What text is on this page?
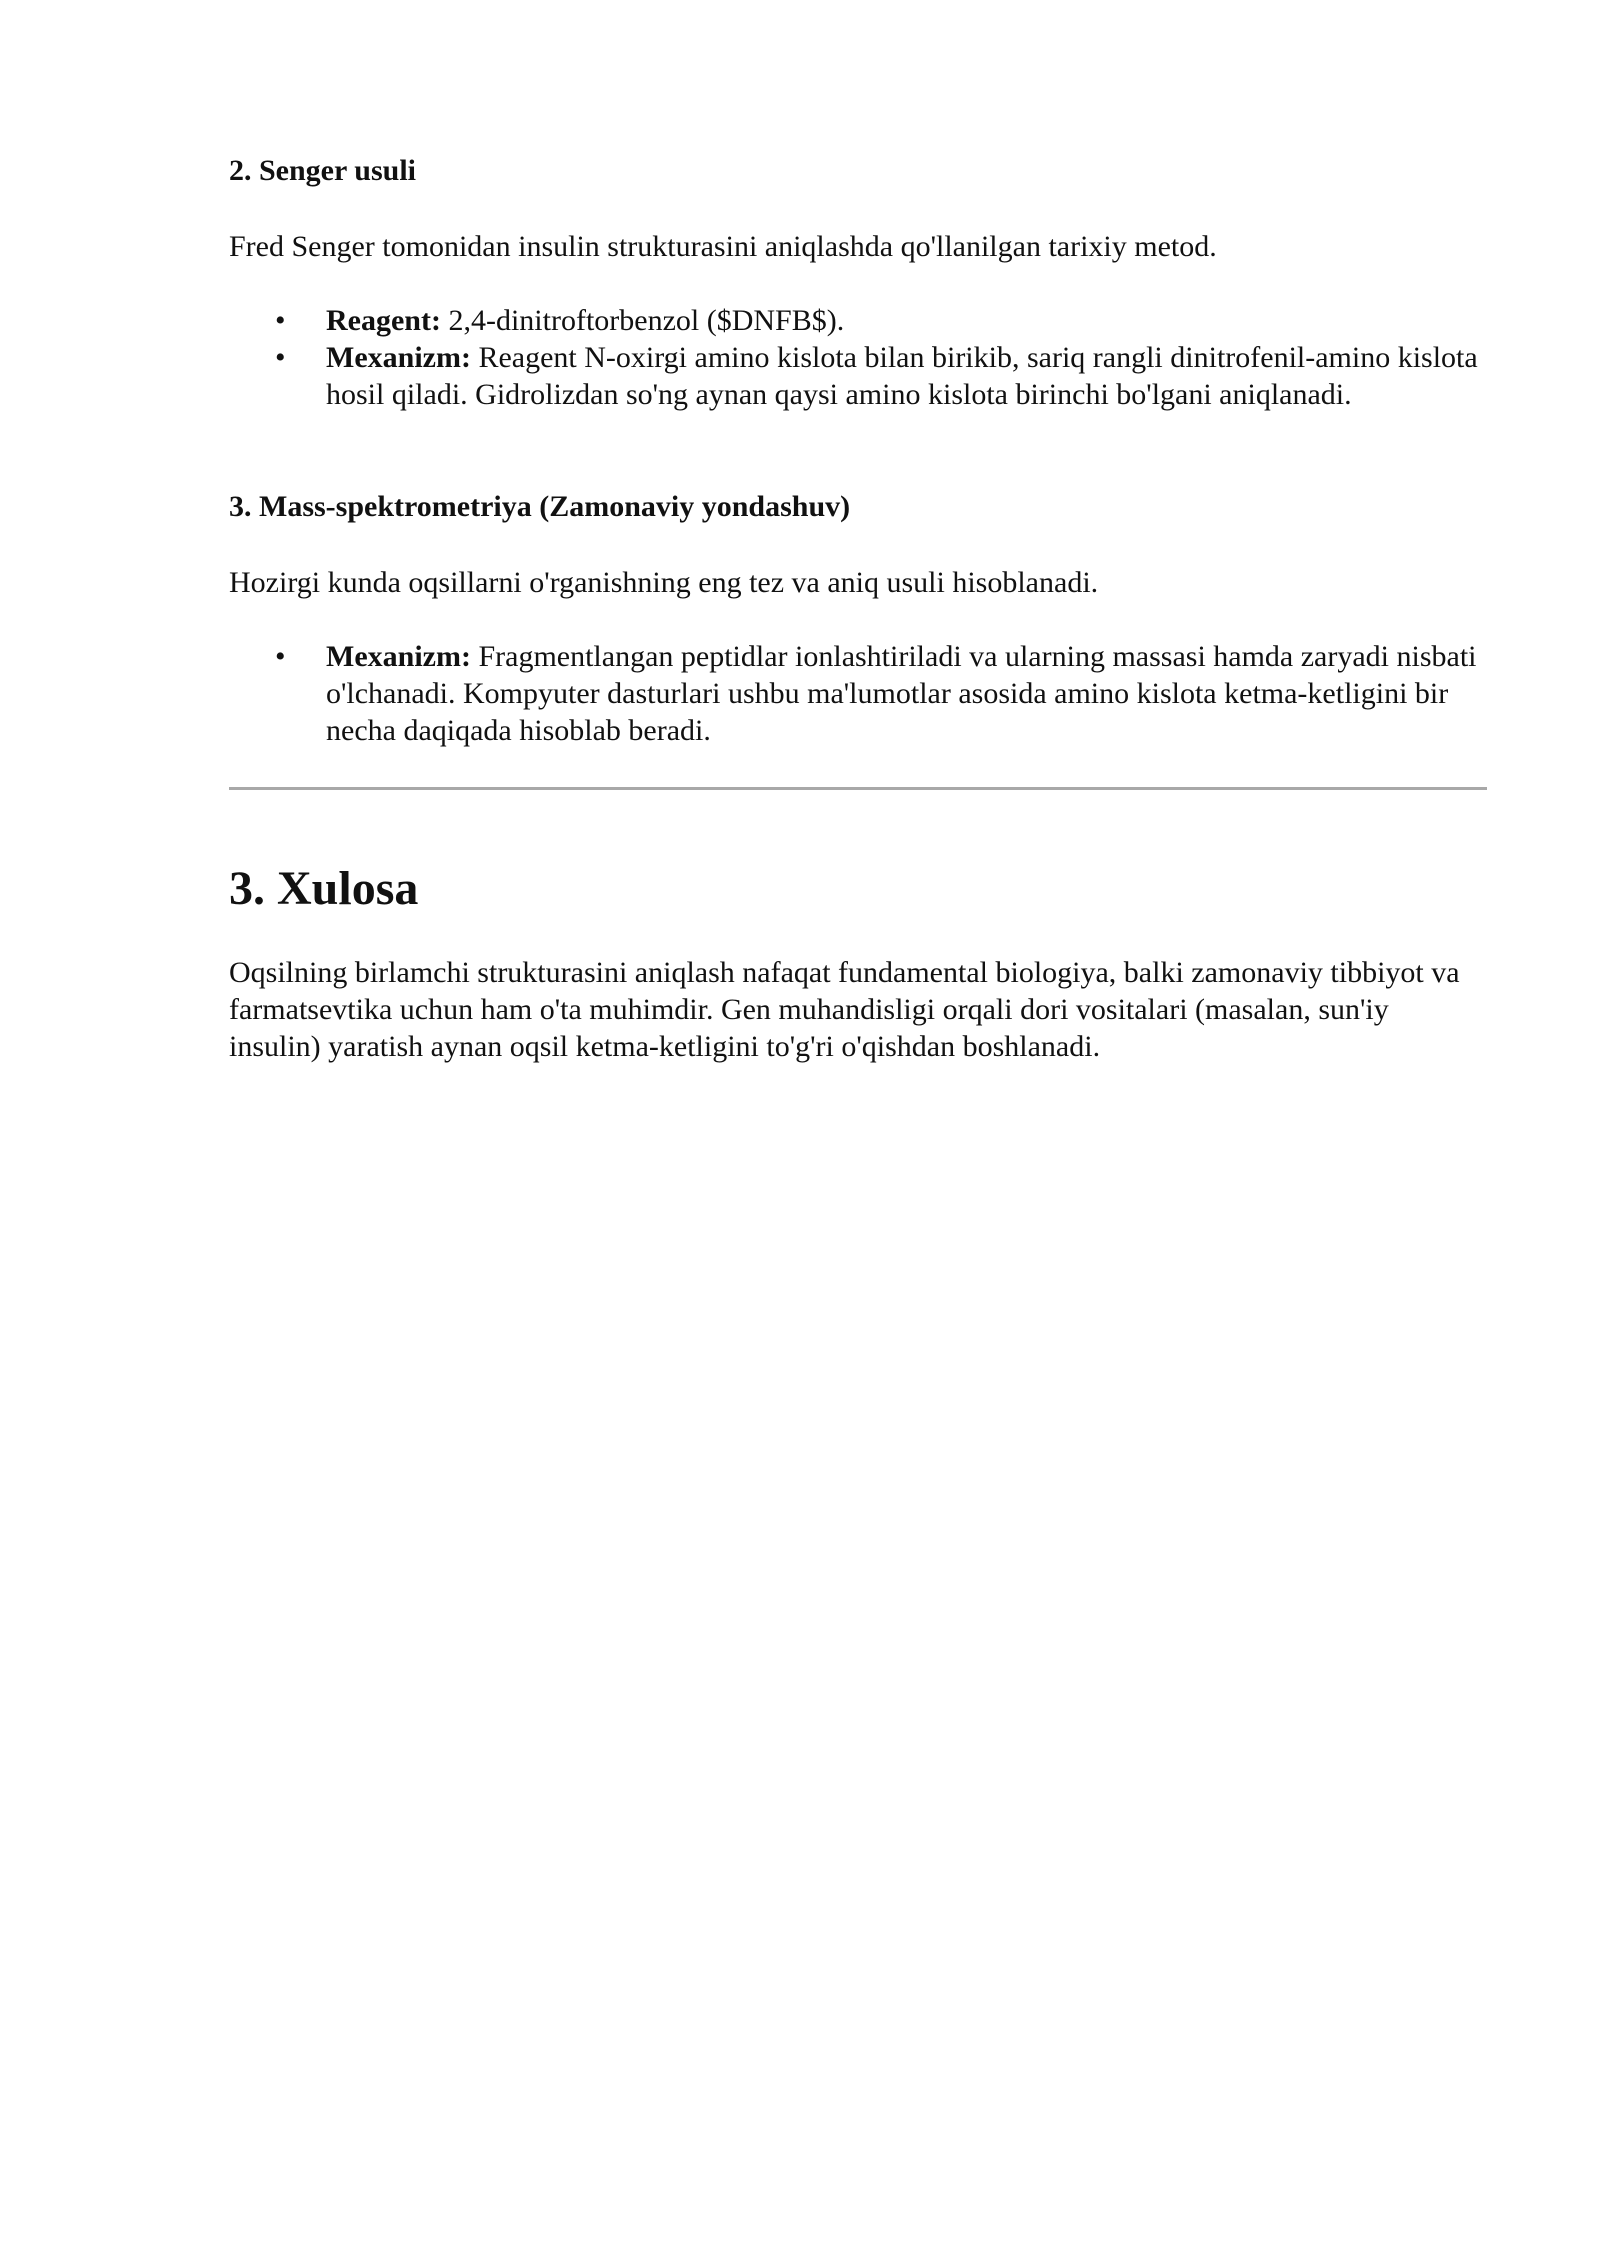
2. Senger usuli

Fred Senger tomonidan insulin strukturasini aniqlashda qo'llanilgan tarixiy metod.

• Reagent: 2,4-dinitroftorbenzol ($DNFB$).
• Mexanizm: Reagent N-oxirgi amino kislota bilan birikib, sariq rangli dinitrofenil-amino kislota hosil qiladi. Gidrolizdan so'ng aynan qaysi amino kislota birinchi bo'lgani aniqlanadi.
3. Mass-spektrometriya (Zamonaviy yondashuv)

Hozirgi kunda oqsillarni o'rganishning eng tez va aniq usuli hisoblanadi.

• Mexanizm: Fragmentlangan peptidlar ionlashtiriladi va ularning massasi hamda zaryadi nisbati o'lchanadi. Kompyuter dasturlari ushbu ma'lumotlar asosida amino kislota ketma-ketligini bir necha daqiqada hisoblab beradi.
3. Xulosa

Oqsilning birlamchi strukturasini aniqlash nafaqat fundamental biologiya, balki zamonaviy tibbiyot va farmatsevtika uchun ham o'ta muhimdir. Gen muhandisligi orqali dori vositalari (masalan, sun'iy insulin) yaratish aynan oqsil ketma-ketligini to'g'ri o'qishdan boshlanadi.
